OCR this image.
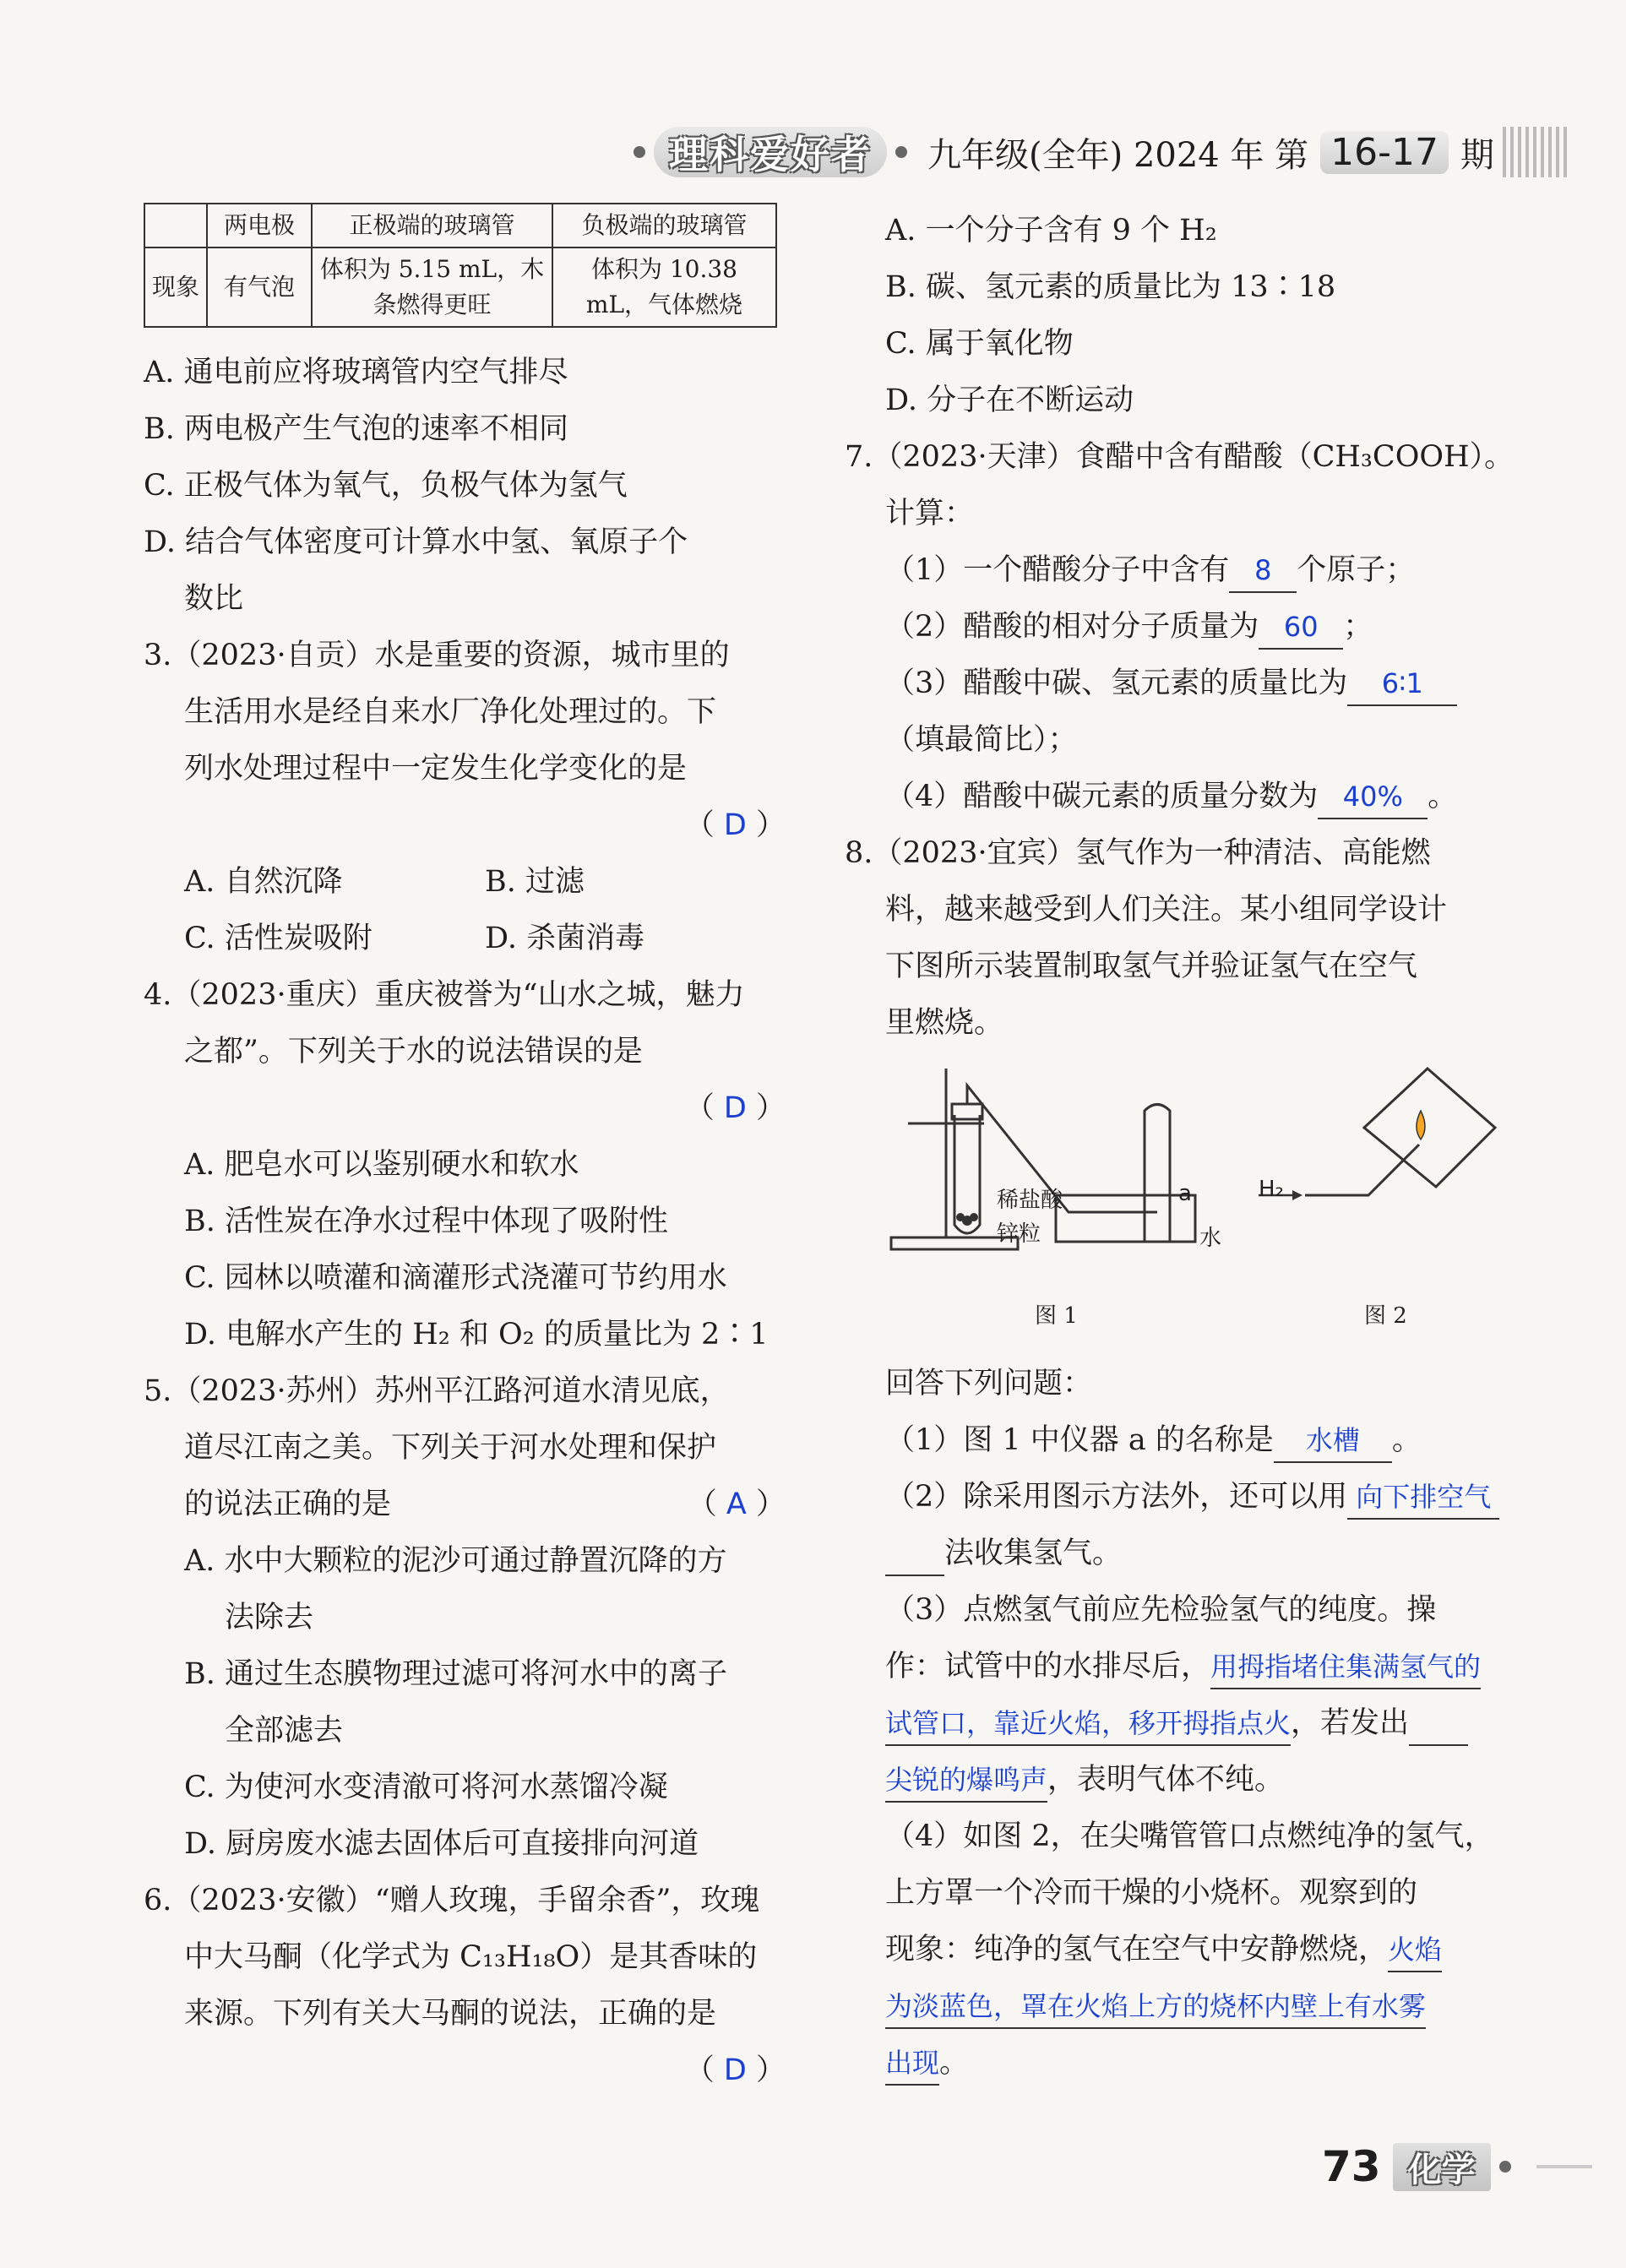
理科爱好者	九年级(全年)
2024 年
第 16-17 期
	两电极	正极端的玻璃管	负极端的玻璃管
现象	有气泡	体积为 5.15 mL，木条燃得更旺	体积为 10.38 mL，气体燃烧
A. 通电前应将玻璃管内空气排尽
B. 两电极产生气泡的速率不相同
C. 正极气体为氧气，负极气体为氢气
D. 结合气体密度可计算水中氢、氧原子个
数比
3.（2023·自贡）水是重要的资源，城市里的
生活用水是经自来水厂净化处理过的。下
列水处理过程中一定发生化学变化的是
（ D ）
A. 自然沉降	B. 过滤
C. 活性炭吸附	D. 杀菌消毒
4.（2023·重庆）重庆被誉为“山水之城，魅力
之都”。下列关于水的说法错误的是
（ D ）
A. 肥皂水可以鉴别硬水和软水
B. 活性炭在净水过程中体现了吸附性
C. 园林以喷灌和滴灌形式浇灌可节约用水
D. 电解水产生的 H₂ 和 O₂ 的质量比为 2∶1
5.（2023·苏州）苏州平江路河道水清见底，
道尽江南之美。下列关于河水处理和保护
的说法正确的是	（ A ）
A. 水中大颗粒的泥沙可通过静置沉降的方
法除去
B. 通过生态膜物理过滤可将河水中的离子
全部滤去
C. 为使河水变清澈可将河水蒸馏冷凝
D. 厨房废水滤去固体后可直接排向河道
6.（2023·安徽）“赠人玫瑰，手留余香”，玫瑰
中大马酮（化学式为 C₁₃H₁₈O）是其香味的
来源。下列有关大马酮的说法，正确的是
（ D ）
A. 一个分子含有 9 个 H₂
B. 碳、氢元素的质量比为 13∶18
C. 属于氧化物
D. 分子在不断运动
7.（2023·天津）食醋中含有醋酸（CH₃COOH）。
计算：
（1）一个醋酸分子中含有 8 个原子；
（2）醋酸的相对分子质量为 60 ；
（3）醋酸中碳、氢元素的质量比为 6∶1
（填最简比）；
（4）醋酸中碳元素的质量分数为 40% 。
8.（2023·宜宾）氢气作为一种清洁、高能燃
料，越来越受到人们关注。某小组同学设计
下图所示装置制取氢气并验证氢气在空气
里燃烧。
稀盐酸
锌粒
a
水
H₂
图 1	图 2
回答下列问题：
（1）图 1 中仪器 a 的名称是 水槽 。
（2）除采用图示方法外，还可以用 向下排空气
法收集氢气。
（3）点燃氢气前应先检验氢气的纯度。操
作：试管中的水排尽后，用拇指堵住集满氢气的
试管口，靠近火焰，移开拇指点火，若发出
尖锐的爆鸣声，表明气体不纯。
（4）如图 2，在尖嘴管管口点燃纯净的氢气，
上方罩一个冷而干燥的小烧杯。观察到的
现象：纯净的氢气在空气中安静燃烧，火焰
为淡蓝色，罩在火焰上方的烧杯内壁上有水雾
出现。
73 化学
